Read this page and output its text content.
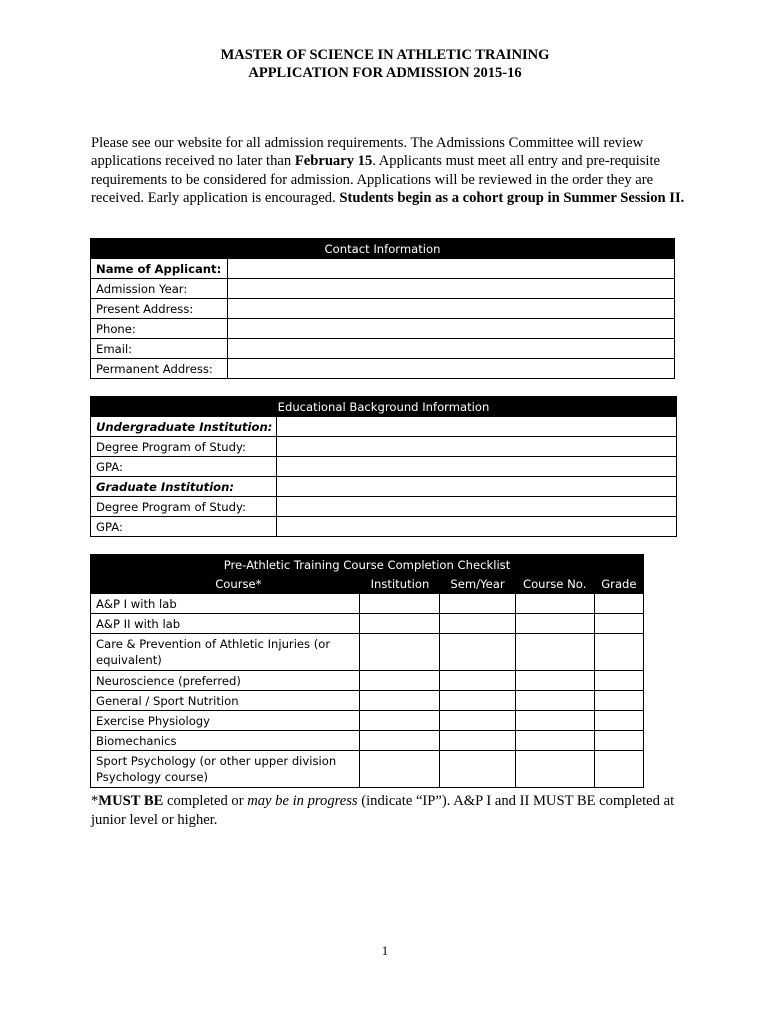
MASTER OF SCIENCE IN ATHLETIC TRAINING
APPLICATION FOR ADMISSION 2015-16
Please see our website for all admission requirements. The Admissions Committee will review applications received no later than February 15. Applicants must meet all entry and pre-requisite requirements to be considered for admission. Applications will be reviewed in the order they are received. Early application is encouraged. Students begin as a cohort group in Summer Session II.
Contact Information	
Name of Applicant:	
Admission Year:	
Present Address:	
Phone:	
Email:	
Permanent Address:	
Educational Background Information	
Undergraduate Institution:	
Degree Program of Study:	
GPA:	
Graduate Institution:	
Degree Program of Study:	
GPA:	
Pre-Athletic Training Course Completion Checklist				
Course*	Institution	Sem/Year	Course No.	Grade
A&P I with lab				
A&P II with lab				
Care & Prevention of Athletic Injuries (or equivalent)				
Neuroscience (preferred)				
General / Sport Nutrition				
Exercise Physiology				
Biomechanics				
Sport Psychology (or other upper division Psychology course)				
*MUST BE completed or may be in progress (indicate “IP”). A&P I and II MUST BE completed at junior level or higher.
1
